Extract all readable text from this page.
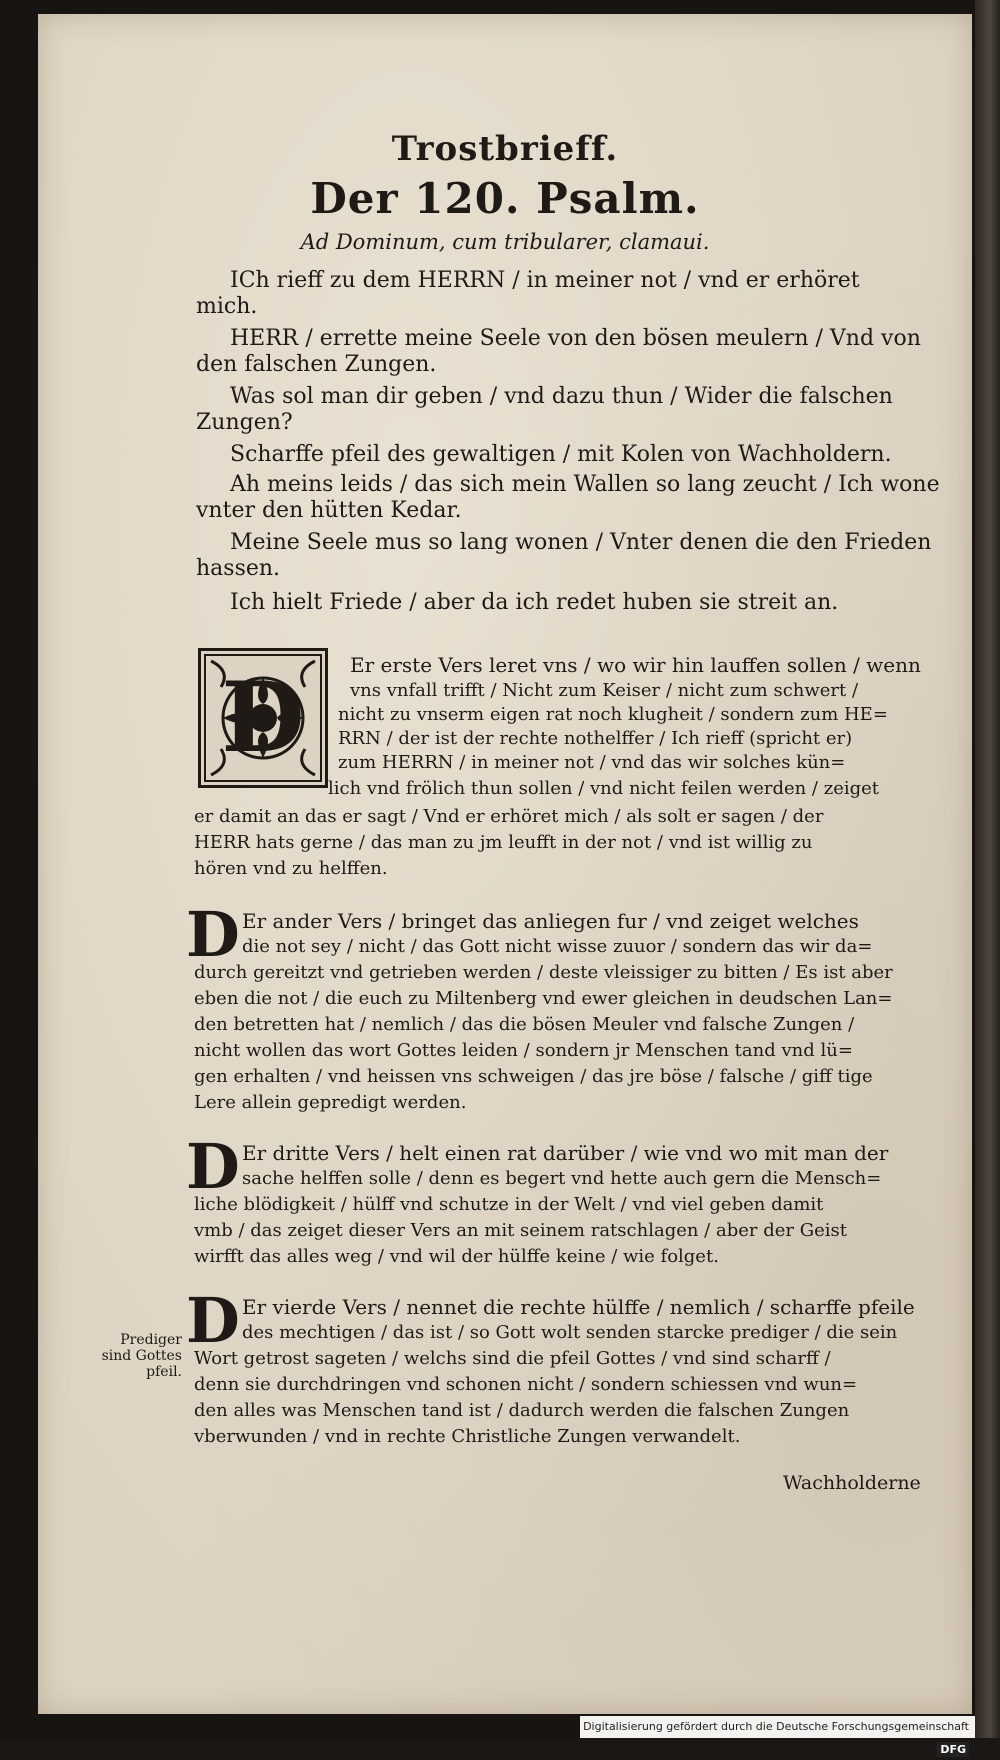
Trostbrieff.
Der 120. Psalm.
Ad Dominum, cum tribularer, clamaui.
ICh rieff zu dem HERRN / in meiner not / vnd er erhöret
mich.
HERR / errette meine Seele von den bösen meulern / Vnd von
den falschen Zungen.
Was sol man dir geben / vnd dazu thun / Wider die falschen
Zungen?
Scharffe pfeil des gewaltigen / mit Kolen von Wachholdern.
Ah meins leids / das sich mein Wallen so lang zeucht / Ich wone
vnter den hütten Kedar.
Meine Seele mus so lang wonen / Vnter denen die den Frieden
hassen.
Ich hielt Friede / aber da ich redet huben sie streit an.
D Er erste Vers leret vns / wo wir hin lauffen sollen / wenn
vns vnfall trifft / Nicht zum Keiser / nicht zum schwert /
nicht zu vnserm eigen rat noch klugheit / sondern zum HE=
RRN / der ist der rechte nothelffer / Ich rieff (spricht er)
zum HERRN / in meiner not / vnd das wir solches kün=
lich vnd frölich thun sollen / vnd nicht feilen werden / zeiget
er damit an das er sagt / Vnd er erhöret mich / als solt er sagen / der
HERR hats gerne / das man zu jm leufft in der not / vnd ist willig zu
hören vnd zu helffen.
D Er ander Vers / bringet das anliegen fur / vnd zeiget welches
die not sey / nicht / das Gott nicht wisse zuuor / sondern das wir da=
durch gereitzt vnd getrieben werden / deste vleissiger zu bitten / Es ist aber
eben die not / die euch zu Miltenberg vnd ewer gleichen in deudschen Lan=
den betretten hat / nemlich / das die bösen Meuler vnd falsche Zungen /
nicht wollen das wort Gottes leiden / sondern jr Menschen tand vnd lü=
gen erhalten / vnd heissen vns schweigen / das jre böse / falsche / giff tige
Lere allein gepredigt werden.
D Er dritte Vers / helt einen rat darüber / wie vnd wo mit man der
sache helffen solle / denn es begert vnd hette auch gern die Mensch=
liche blödigkeit / hülff vnd schutze in der Welt / vnd viel geben damit
vmb / das zeiget dieser Vers an mit seinem ratschlagen / aber der Geist
wirfft das alles weg / vnd wil der hülffe keine / wie folget.
D Er vierde Vers / nennet die rechte hülffe / nemlich / scharffe pfeile
des mechtigen / das ist / so Gott wolt senden starcke prediger / die sein
Wort getrost sageten / welchs sind die pfeil Gottes / vnd sind scharff /
denn sie durchdringen vnd schonen nicht / sondern schiessen vnd wun=
den alles was Menschen tand ist / dadurch werden die falschen Zungen
vberwunden / vnd in rechte Christliche Zungen verwandelt.
Prediger
sind Gottes
pfeil.
Wachholderne
Digitalisierung gefördert durch die Deutsche Forschungsgemeinschaft · DFG
